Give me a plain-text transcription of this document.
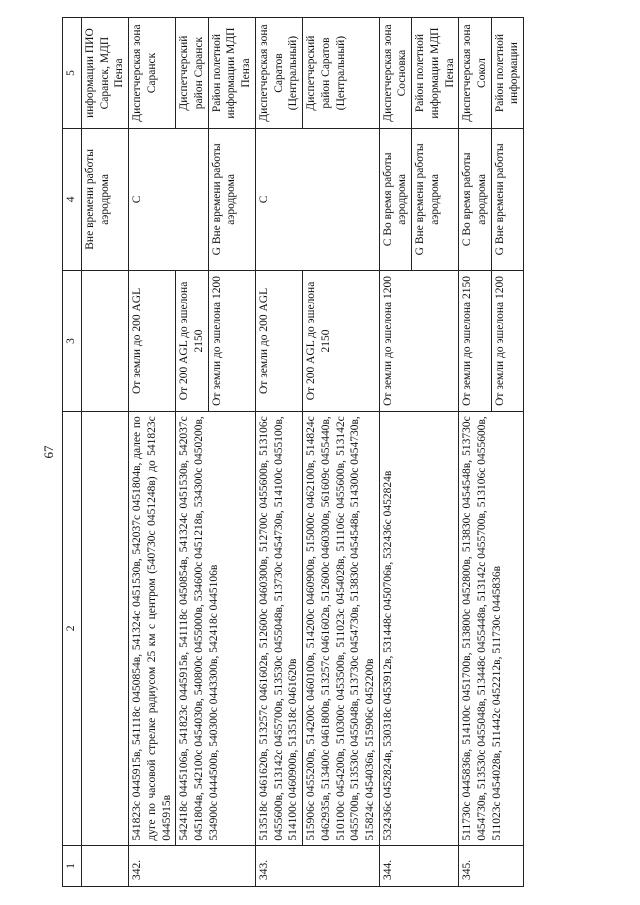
67
1	2	3	4	5
			Вне времени работы аэродрома	информации ПИО Саранск, МДП Пенза
342.	541823с 0445915в, 541118с 0450854в, 541324с 0451530в, 542037с 0451804в, далее по дуге по часовой стрелке радиусом 25 км с центром (540730с 0451248в) до 541823с 0445915в	От земли до 200 AGL	С	Диспетчерская зона Саранск
	542418с 0445106в, 541823с 0445915в, 541118с 0450854в, 541324с 0451530в, 542037с 0451804в, 542100с 0454030в, 540800с 0455000в, 534600с 0451218в, 534300с 0450200в, 534900с 0444500в, 540300с 0443300в, 542418с 0445106в	От 200 AGL до эшелона 2150		Диспетчерский район Саранск
		От земли до эшелона 1200	G Вне времени работы аэродрома	Район полетной информации МДП Пенза
343.	513518с 0461620в, 513257с 0461602в, 512600с 0460300в, 512700с 0455600в, 513106с 0455600в, 513142с 0455700в, 513530с 0455048в, 513730с 0454730в, 514100с 0455100в, 514100с 0460900в, 513518с 0461620в	От земли до 200 AGL	С	Диспетчерская зона Саратов (Центральный)
	515906с 0455200в, 514200с 0460100в, 514200с 0460900в, 515000с 0462100в, 514824с 0462935в, 513400с 0461800в, 513257с 0461602в, 512600с 0460300в, 561609с 0455440в, 510100с 0454200в, 510300с 0453500в, 511023с 0454028в, 511106с 0455600в, 513142с 0455700в, 513530с 0455048в, 513730с 0454730в, 513830с 0454548в, 514300с 0454730в, 515824с 0454036в, 515906с 0452200в	От 200 AGL до эшелона 2150		Диспетчерский район Саратов (Центральный)
344.	532436с 0452824в, 530318с 0453912в, 531448с 0450706в, 532436с 0452824в	От земли до эшелона 1200	С Во время работы аэродрома	Диспетчерская зона Сосновка
			G Вне времени работы аэродрома	Район полетной информации МДП Пенза
345.	511730с 0445836в, 514100с 0451700в, 513800с 0452800в, 513830с 0454548в, 513730с 0454730в, 513530с 0455048в, 513448с 0455448в, 513142с 0455700в, 513106с 0455600в, 511023с 0454028в, 511442с 0452212в, 511730с 0445836в	От земли до эшелона 2150	С Во время работы аэродрома	Диспетчерская зона Сокол
		От земли до эшелона 1200	G Вне времени работы	Район полетной информации
